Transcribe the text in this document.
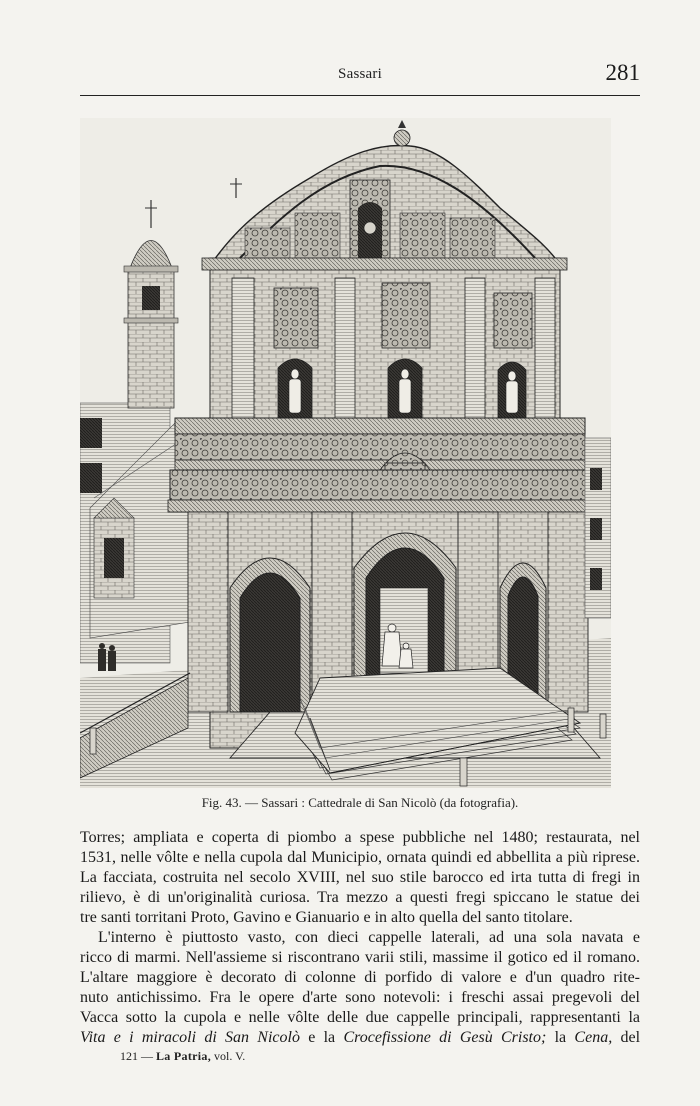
Sassari	281
Fig. 43. — Sassari : Cattedrale di San Nicolò (da fotografia).
Torres; ampliata e coperta di piombo a spese pubbliche nel 1480; restaurata, nel
1531, nelle vôlte e nella cupola dal Municipio, ornata quindi ed abbellita a più riprese.
La facciata, costruita nel secolo XVIII, nel suo stile barocco ed irta tutta di fregi in
rilievo, è di un'originalità curiosa. Tra mezzo a questi fregi spiccano le statue dei
tre santi torritani Proto, Gavino e Gianuario e in alto quella del santo titolare.
L'interno è piuttosto vasto, con dieci cappelle laterali, ad una sola navata e
ricco di marmi. Nell'assieme si riscontrano varii stili, massime il gotico ed il romano.
L'altare maggiore è decorato di colonne di porfido di valore e d'un quadro rite-
nuto antichissimo. Fra le opere d'arte sono notevoli: i freschi assai pregevoli del
Vacca sotto la cupola e nelle vôlte delle due cappelle principali, rappresentanti la
Vita e i miracoli di San Nicolò e la Crocefissione di Gesù Cristo; la Cena, del
121 — La Patria, vol. V.
